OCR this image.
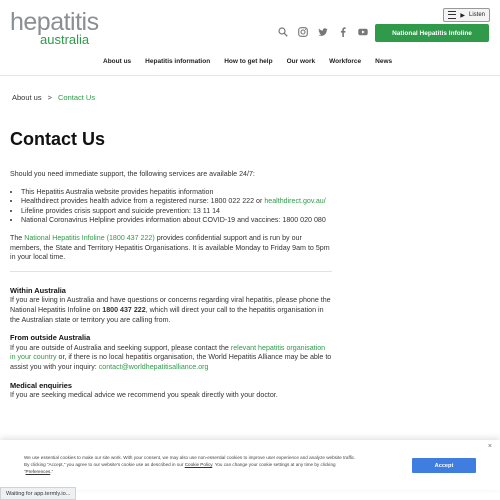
hepatitis
australia
▶ Listen
National Hepatitis Infoline
About us Hepatitis information How to get help Our work Workforce News
About us > Contact Us
Contact Us

Should you need immediate support, the following services are available 24/7:

• This Hepatitis Australia website provides hepatitis information
• Healthdirect provides health advice from a registered nurse: 1800 022 222 or healthdirect.gov.au/
• Lifeline provides crisis support and suicide prevention: 13 11 14
• National Coronavirus Helpline provides information about COVID-19 and vaccines: 1800 020 080

The National Hepatitis Infoline (1800 437 222) provides confidential support and is run by our members, the State and Territory Hepatitis Organisations. It is available Monday to Friday 9am to 5pm in your local time.

Within Australia

If you are living in Australia and have questions or concerns regarding viral hepatitis, please phone the National Hepatitis Infoline on 1800 437 222, which will direct your call to the hepatitis organisation in the Australian state or territory you are calling from.

From outside Australia

If you are outside of Australia and seeking support, please contact the relevant hepatitis organisation in your country or, if there is no local hepatitis organisation, the World Hepatitis Alliance may be able to assist you with your inquiry: contact@worldhepatitisalliance.org

Medical enquiries

If you are seeking medical advice we recommend you speak directly with your doctor.

×
We use essential cookies to make our site work. With your consent, we may also use non-essential cookies to improve user experience and analyze website traffic.
By clicking “Accept,” you agree to our website's cookie use as described in our Cookie Policy. You can change your cookie settings at any time by clicking
“Preferences.”
Accept
Waiting for app.termly.io...
